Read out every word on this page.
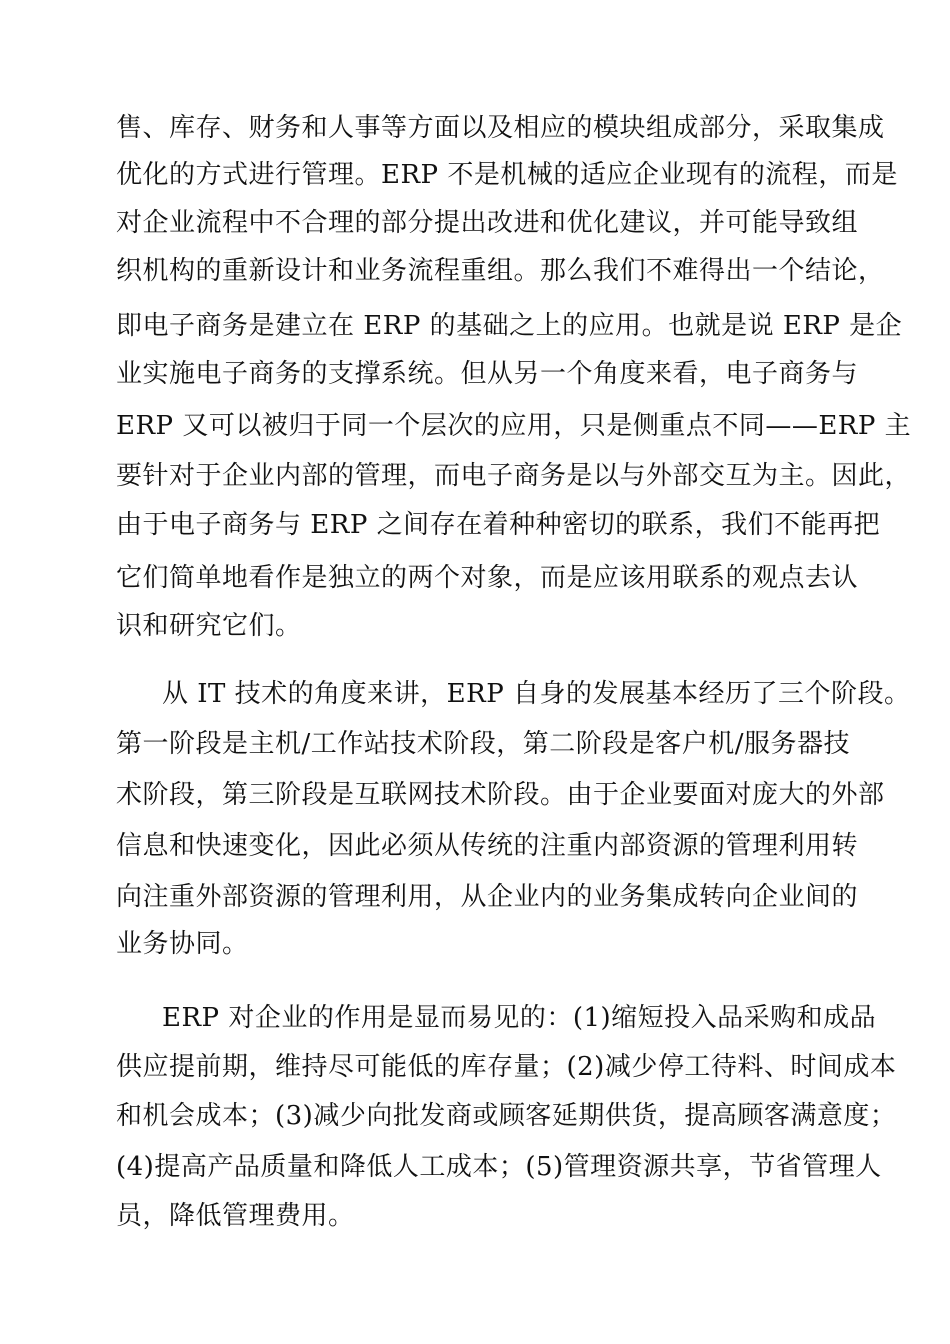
售、库存、财务和人事等方面以及相应的模块组成部分，采取集成
优化的方式进行管理。ERP 不是机械的适应企业现有的流程，而是
对企业流程中不合理的部分提出改进和优化建议，并可能导致组
织机构的重新设计和业务流程重组。那么我们不难得出一个结论，
即电子商务是建立在 ERP 的基础之上的应用。也就是说 ERP 是企
业实施电子商务的支撑系统。但从另一个角度来看，电子商务与
ERP 又可以被归于同一个层次的应用，只是侧重点不同——ERP 主
要针对于企业内部的管理，而电子商务是以与外部交互为主。因此，
由于电子商务与 ERP 之间存在着种种密切的联系，我们不能再把
它们简单地看作是独立的两个对象，而是应该用联系的观点去认
识和研究它们。
从 IT 技术的角度来讲，ERP 自身的发展基本经历了三个阶段。
第一阶段是主机/工作站技术阶段，第二阶段是客户机/服务器技
术阶段，第三阶段是互联网技术阶段。由于企业要面对庞大的外部
信息和快速变化，因此必须从传统的注重内部资源的管理利用转
向注重外部资源的管理利用，从企业内的业务集成转向企业间的
业务协同。
ERP 对企业的作用是显而易见的：(1)缩短投入品采购和成品
供应提前期，维持尽可能低的库存量；(2)减少停工待料、时间成本
和机会成本；(3)减少向批发商或顾客延期供货，提高顾客满意度；
(4)提高产品质量和降低人工成本；(5)管理资源共享，节省管理人
员，降低管理费用。
